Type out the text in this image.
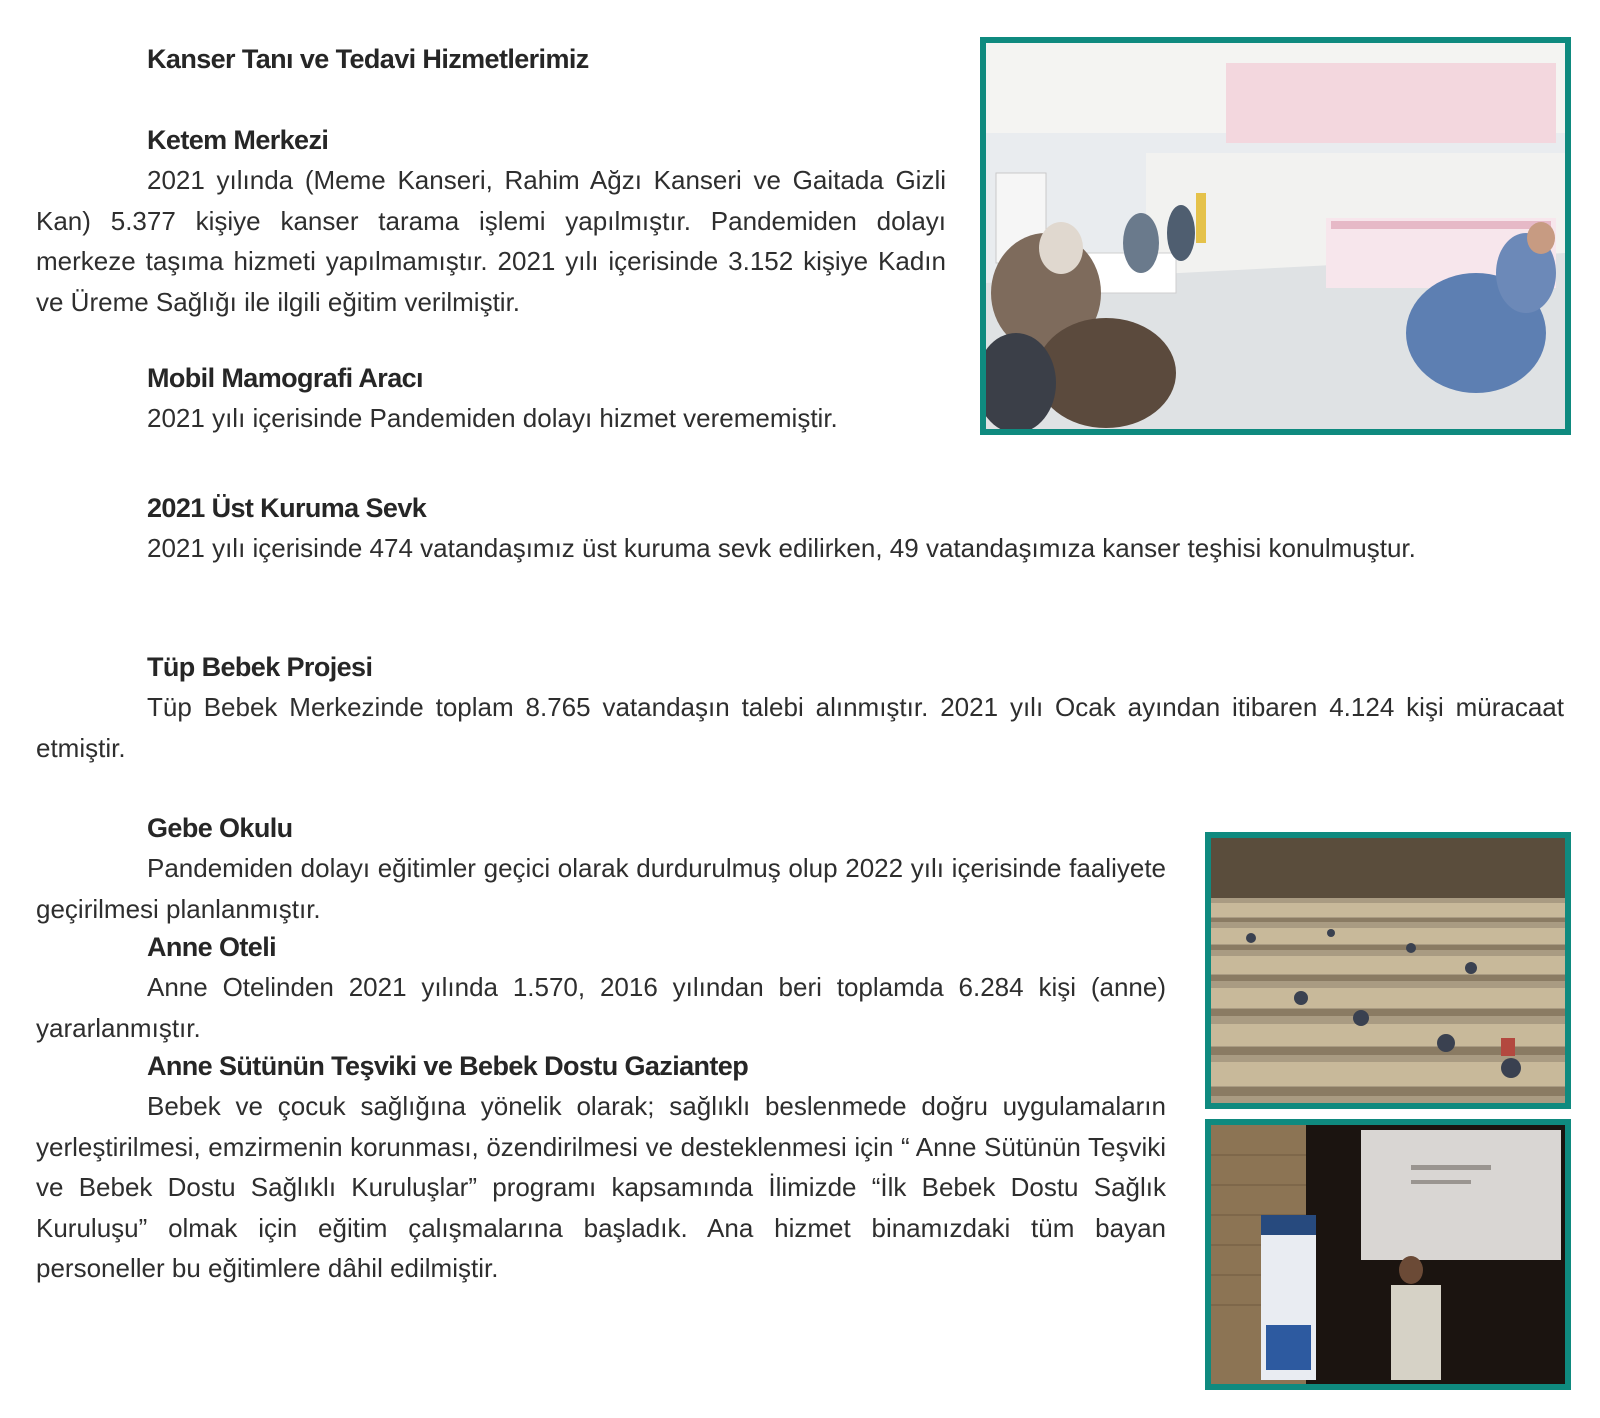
Kanser Tanı ve Tedavi Hizmetlerimiz
Ketem Merkezi

2021 yılında (Meme Kanseri, Rahim Ağzı Kanseri ve Gaitada Gizli Kan) 5.377 kişiye kanser tarama işlemi yapılmıştır. Pandemiden dolayı merkeze taşıma hizmeti yapılmamıştır. 2021 yılı içerisinde 3.152 kişiye Kadın ve Üreme Sağlığı ile ilgili eğitim verilmiştir.

Mobil Mamografi Aracı

2021 yılı içerisinde Pandemiden dolayı hizmet verememiştir.

2021 Üst Kuruma Sevk

2021 yılı içerisinde 474 vatandaşımız üst kuruma sevk edilirken, 49 vatandaşımıza kanser teşhisi konulmuştur.

Tüp Bebek Projesi

Tüp Bebek Merkezinde toplam 8.765 vatandaşın talebi alınmıştır. 2021 yılı Ocak ayından itibaren 4.124 kişi müracaat etmiştir.

Gebe Okulu

Pandemiden dolayı eğitimler geçici olarak durdurulmuş olup 2022 yılı içerisinde faaliyete geçirilmesi planlanmıştır.

Anne Oteli

Anne Otelinden 2021 yılında 1.570, 2016 yılından beri toplamda 6.284 kişi (anne) yararlanmıştır.

Anne Sütünün Teşviki ve Bebek Dostu Gaziantep

Bebek ve çocuk sağlığına yönelik olarak; sağlıklı beslenmede doğru uygulamaların yerleştirilmesi, emzirmenin korunması, özendirilmesi ve desteklenmesi için “ Anne Sütünün Teşviki ve Bebek Dostu Sağlıklı Kuruluşlar” programı kapsamında İlimizde “İlk Bebek Dostu Sağlık Kuruluşu” olmak için eğitim çalışmalarına başladık. Ana hizmet binamızdaki tüm bayan personeller bu eğitimlere dâhil edilmiştir.
